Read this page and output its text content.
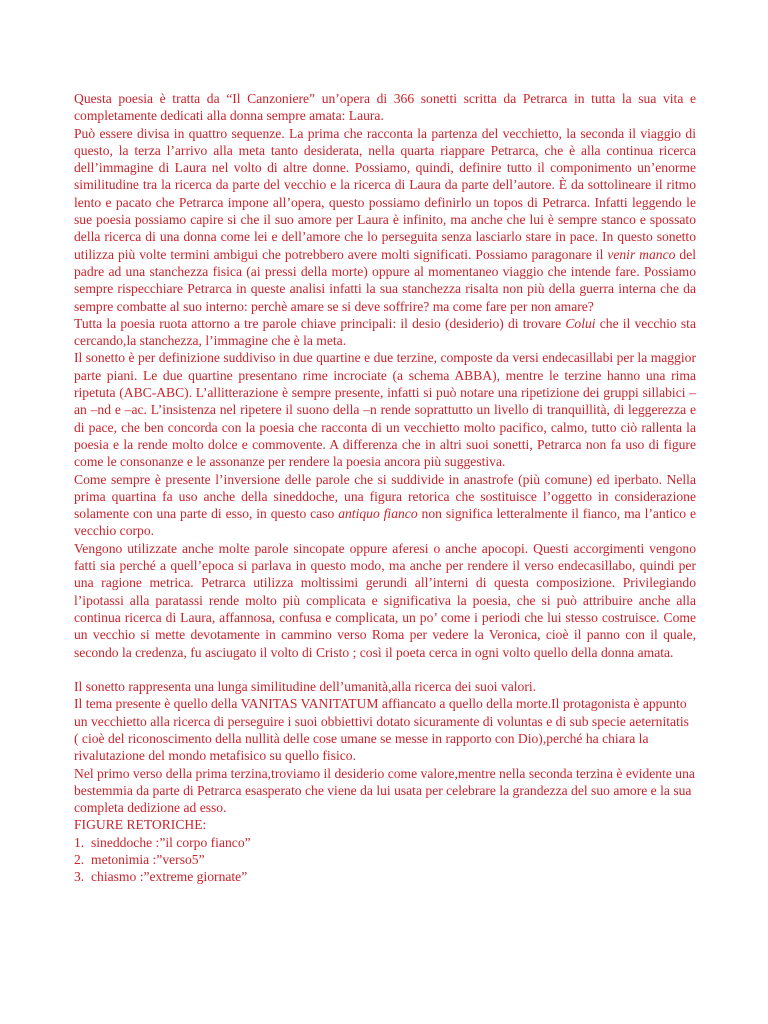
Questa poesia è tratta da “Il Canzoniere” un’opera di 366 sonetti scritta da Petrarca in tutta la sua vita e completamente dedicati alla donna sempre amata: Laura.

Può essere divisa in quattro sequenze. La prima che racconta la partenza del vecchietto, la seconda il viaggio di questo, la terza l’arrivo alla meta tanto desiderata, nella quarta riappare Petrarca, che è alla continua ricerca dell’immagine di Laura nel volto di altre donne. Possiamo, quindi, definire tutto il componimento un’enorme similitudine tra la ricerca da parte del vecchio e la ricerca di Laura da parte dell’autore. È da sottolineare il ritmo lento e pacato che Petrarca impone all’opera, questo possiamo definirlo un topos di Petrarca. Infatti leggendo le sue poesia possiamo capire si che il suo amore per Laura è infinito, ma anche che lui è sempre stanco e spossato della ricerca di una donna come lei e dell’amore che lo perseguita senza lasciarlo stare in pace. In questo sonetto utilizza più volte termini ambigui che potrebbero avere molti significati. Possiamo paragonare il venir manco del padre ad una stanchezza fisica (ai pressi della morte) oppure al momentaneo viaggio che intende fare. Possiamo sempre rispecchiare Petrarca in queste analisi infatti la sua stanchezza risalta non più della guerra interna che da sempre combatte al suo interno: perchè amare se si deve soffrire? ma come fare per non amare?

Tutta la poesia ruota attorno a tre parole chiave principali: il desio (desiderio) di trovare Colui che il vecchio sta cercando,la stanchezza, l’immagine che è la meta.

Il sonetto è per definizione suddiviso in due quartine e due terzine, composte da versi endecasillabi per la maggior parte piani. Le due quartine presentano rime incrociate (a schema ABBA), mentre le terzine hanno una rima ripetuta (ABC-ABC). L’allitterazione è sempre presente, infatti si può notare una ripetizione dei gruppi sillabici –an –nd e –ac. L’insistenza nel ripetere il suono della –n rende soprattutto un livello di tranquillità, di leggerezza e di pace, che ben concorda con la poesia che racconta di un vecchietto molto pacifico, calmo, tutto ciò rallenta la poesia e la rende molto dolce e commovente. A differenza che in altri suoi sonetti, Petrarca non fa uso di figure come le consonanze e le assonanze per rendere la poesia ancora più suggestiva.

Come sempre è presente l’inversione delle parole che si suddivide in anastrofe (più comune) ed iperbato. Nella prima quartina fa uso anche della sineddoche, una figura retorica che sostituisce l’oggetto in considerazione solamente con una parte di esso, in questo caso antiquo fianco non significa letteralmente il fianco, ma l’antico e vecchio corpo.

Vengono utilizzate anche molte parole sincopate oppure aferesi o anche apocopi. Questi accorgimenti vengono fatti sia perché a quell’epoca si parlava in questo modo, ma anche per rendere il verso endecasillabo, quindi per una ragione metrica. Petrarca utilizza moltissimi gerundi all’interni di questa composizione. Privilegiando l’ipotassi alla paratassi rende molto più complicata e significativa la poesia, che si può attribuire anche alla continua ricerca di Laura, affannosa, confusa e complicata, un po’ come i periodi che lui stesso costruisce. Come un vecchio si mette devotamente in cammino verso Roma per vedere la Veronica, cioè il panno con il quale, secondo la credenza, fu asciugato il volto di Cristo ; così il poeta cerca in ogni volto quello della donna amata.

Il sonetto rappresenta una lunga similitudine dell’umanità,alla ricerca dei suoi valori.

Il tema presente è quello della VANITAS VANITATUM affiancato a quello della morte.Il protagonista è appunto un vecchietto alla ricerca di perseguire i suoi obbiettivi dotato sicuramente di voluntas e di sub specie aeternitatis ( cioè del riconoscimento della nullità delle cose umane se messe in rapporto con Dio),perché ha chiara la rivalutazione del mondo metafisico su quello fisico.

Nel primo verso della prima terzina,troviamo il desiderio come valore,mentre nella seconda terzina è evidente una bestemmia da parte di Petrarca esasperato che viene da lui usata per celebrare la grandezza del suo amore e la sua completa dedizione ad esso.

FIGURE RETORICHE:

1.  sineddoche :”il corpo fianco”
2.  metonimia :”verso5”
3.  chiasmo :”extreme giornate”
